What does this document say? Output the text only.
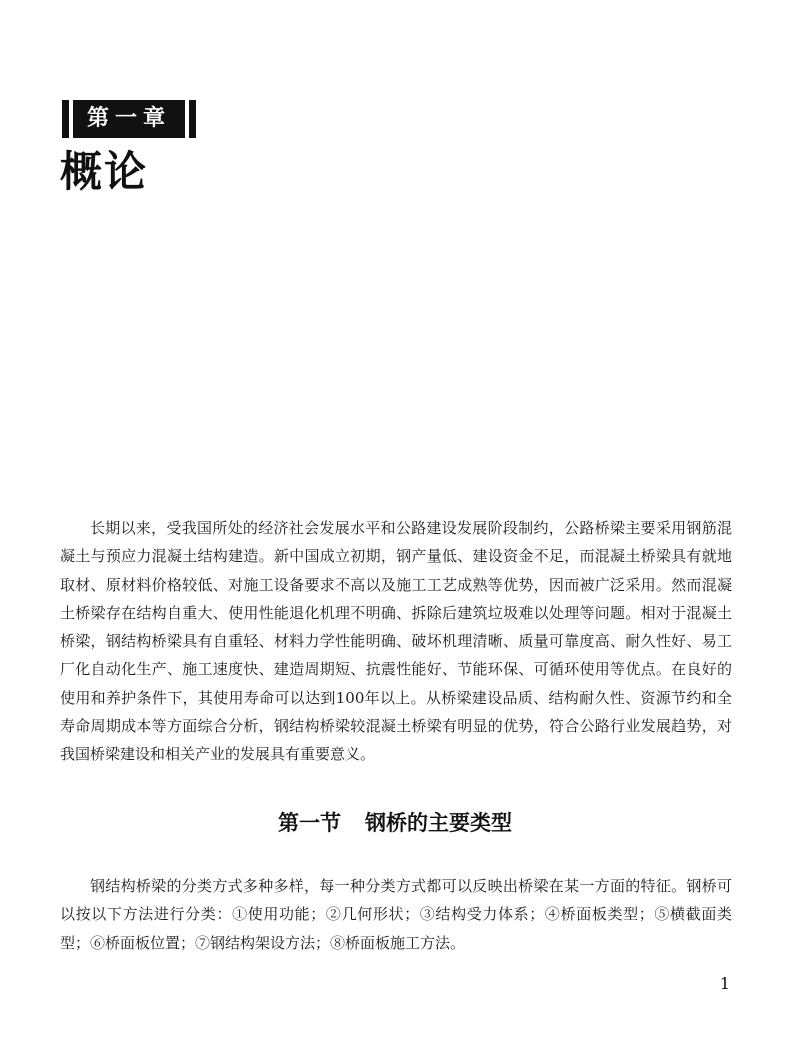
第一章
概论

长期以来，受我国所处的经济社会发展水平和公路建设发展阶段制约，公路桥梁主要采用钢筋混凝土与预应力混凝土结构建造。新中国成立初期，钢产量低、建设资金不足，而混凝土桥梁具有就地取材、原材料价格较低、对施工设备要求不高以及施工工艺成熟等优势，因而被广泛采用。然而混凝土桥梁存在结构自重大、使用性能退化机理不明确、拆除后建筑垃圾难以处理等问题。相对于混凝土桥梁，钢结构桥梁具有自重轻、材料力学性能明确、破坏机理清晰、质量可靠度高、耐久性好、易工厂化自动化生产、施工速度快、建造周期短、抗震性能好、节能环保、可循环使用等优点。在良好的使用和养护条件下，其使用寿命可以达到100年以上。从桥梁建设品质、结构耐久性、资源节约和全寿命周期成本等方面综合分析，钢结构桥梁较混凝土桥梁有明显的优势，符合公路行业发展趋势，对我国桥梁建设和相关产业的发展具有重要意义。

第一节 钢桥的主要类型

钢结构桥梁的分类方式多种多样，每一种分类方式都可以反映出桥梁在某一方面的特征。钢桥可以按以下方法进行分类：①使用功能；②几何形状；③结构受力体系；④桥面板类型；⑤横截面类型；⑥桥面板位置；⑦钢结构架设方法；⑧桥面板施工方法。

1
